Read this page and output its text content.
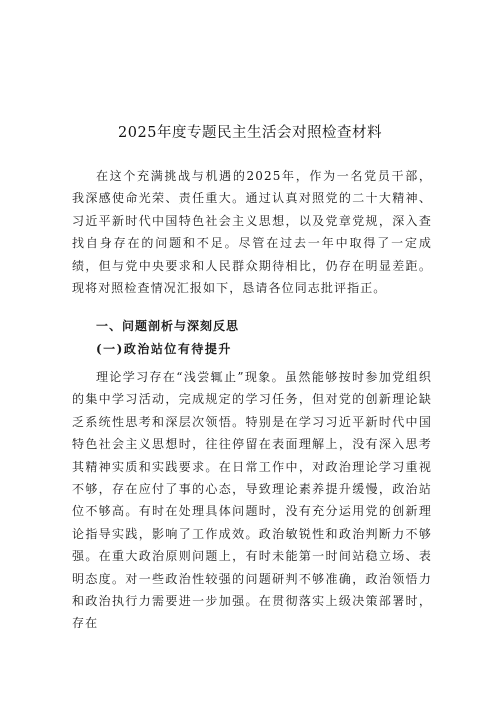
2025年度专题民主生活会对照检查材料

在这个充满挑战与机遇的2025年，作为一名党员干部，我深感使命光荣、责任重大。通过认真对照党的二十大精神、习近平新时代中国特色社会主义思想，以及党章党规，深入查找自身存在的问题和不足。尽管在过去一年中取得了一定成绩，但与党中央要求和人民群众期待相比，仍存在明显差距。现将对照检查情况汇报如下，恳请各位同志批评指正。

一、问题剖析与深刻反思
(一)政治站位有待提升

理论学习存在“浅尝辄止”现象。虽然能够按时参加党组织的集中学习活动，完成规定的学习任务，但对党的创新理论缺乏系统性思考和深层次领悟。特别是在学习习近平新时代中国特色社会主义思想时，往往停留在表面理解上，没有深入思考其精神实质和实践要求。在日常工作中，对政治理论学习重视不够，存在应付了事的心态，导致理论素养提升缓慢，政治站位不够高。有时在处理具体问题时，没有充分运用党的创新理论指导实践，影响了工作成效。政治敏锐性和政治判断力不够强。在重大政治原则问题上，有时未能第一时间站稳立场、表明态度。对一些政治性较强的问题研判不够准确，政治领悟力和政治执行力需要进一步加强。在贯彻落实上级决策部署时，存在
